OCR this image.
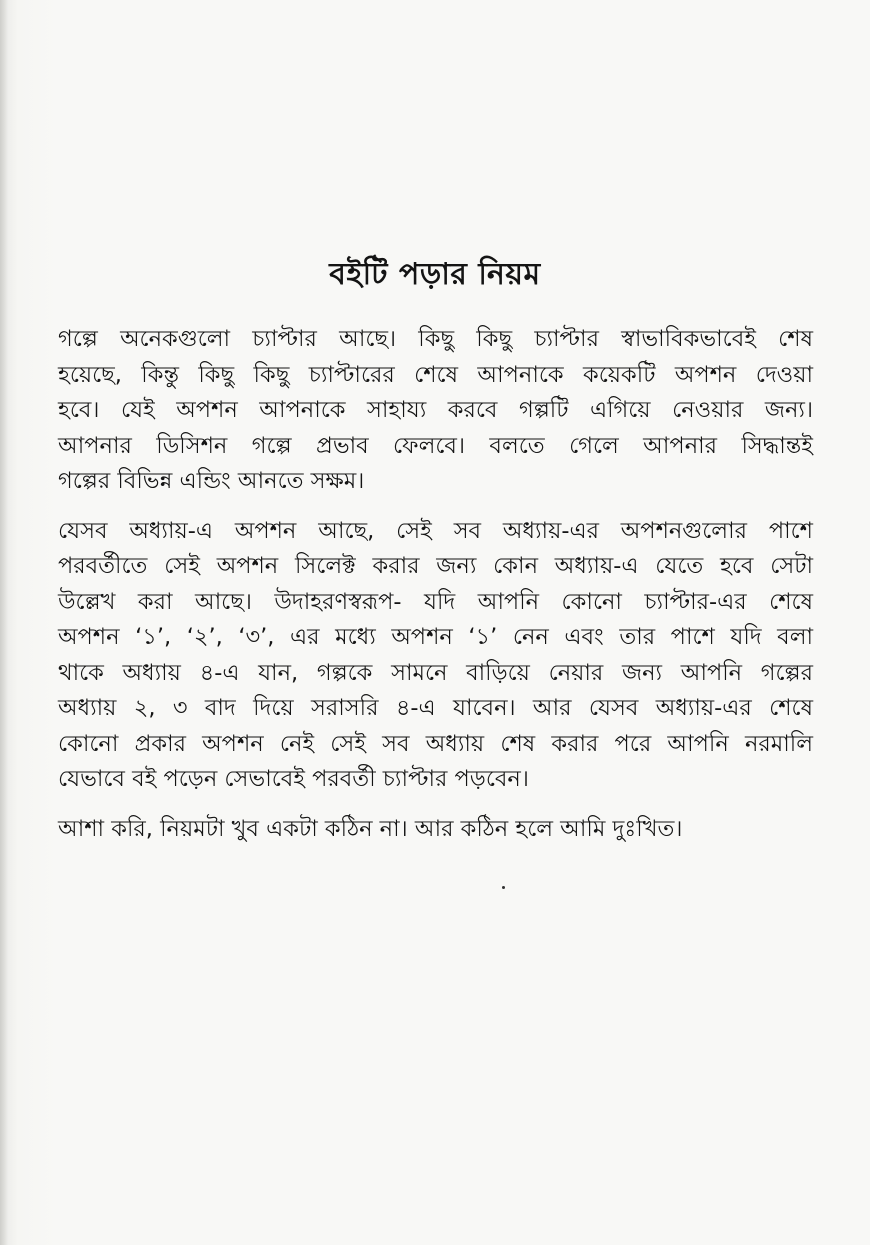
বইটি পড়ার নিয়ম

গল্পে অনেকগুলো চ্যাপ্টার আছে। কিছু কিছু চ্যাপ্টার স্বাভাবিকভাবেই শেষ
হয়েছে, কিন্তু কিছু কিছু চ্যাপ্টারের শেষে আপনাকে কয়েকটি অপশন দেওয়া
হবে। যেই অপশন আপনাকে সাহায্য করবে গল্পটি এগিয়ে নেওয়ার জন্য।
আপনার ডিসিশন গল্পে প্রভাব ফেলবে। বলতে গেলে আপনার সিদ্ধান্তই
গল্পের বিভিন্ন এন্ডিং আনতে সক্ষম।

যেসব অধ্যায়-এ অপশন আছে, সেই সব অধ্যায়-এর অপশনগুলোর পাশে
পরবর্তীতে সেই অপশন সিলেক্ট করার জন্য কোন অধ্যায়-এ যেতে হবে সেটা
উল্লেখ করা আছে। উদাহরণস্বরূপ- যদি আপনি কোনো চ্যাপ্টার-এর শেষে
অপশন ‘১’, ‘২’, ‘৩’, এর মধ্যে অপশন ‘১’ নেন এবং তার পাশে যদি বলা
থাকে অধ্যায় ৪-এ যান, গল্পকে সামনে বাড়িয়ে নেয়ার জন্য আপনি গল্পের
অধ্যায় ২, ৩ বাদ দিয়ে সরাসরি ৪-এ যাবেন। আর যেসব অধ্যায়-এর শেষে
কোনো প্রকার অপশন নেই সেই সব অধ্যায় শেষ করার পরে আপনি নরমালি
যেভাবে বই পড়েন সেভাবেই পরবর্তী চ্যাপ্টার পড়বেন।

আশা করি, নিয়মটা খুব একটা কঠিন না। আর কঠিন হলে আমি দুঃখিত।
